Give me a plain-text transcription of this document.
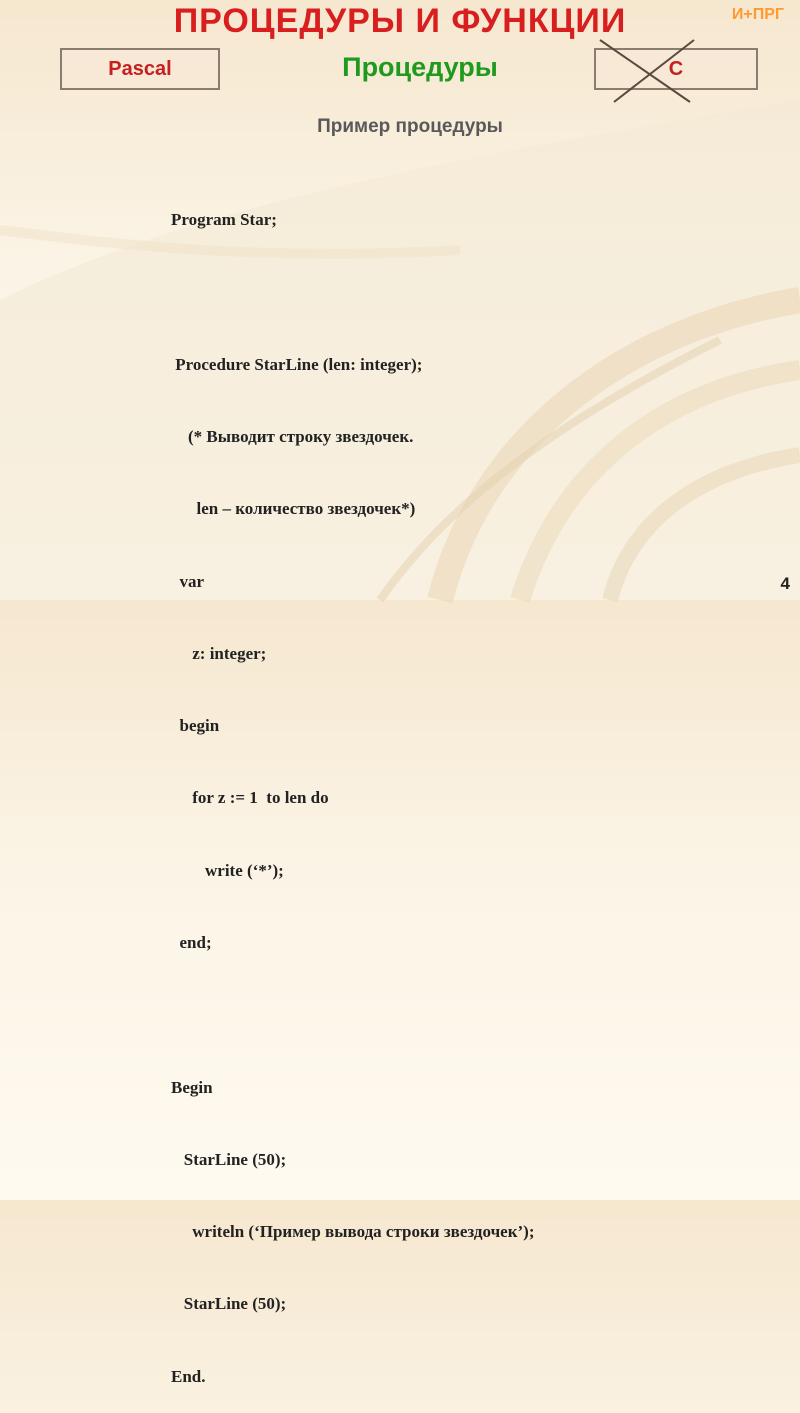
ПРОЦЕДУРЫ И ФУНКЦИИ	И+ПРГ
Pascal	Процедуры	C
Пример процедуры

Program Star;

Procedure StarLine (len: integer);

(* Выводит строку звездочек.

len – количество звездочек*)

var

z: integer;

begin

for z := 1  to len do

write (‘*’);

end;

Begin

StarLine (50);

writeln (‘Пример вывода строки звездочек’);

StarLine (50);

End.

4
